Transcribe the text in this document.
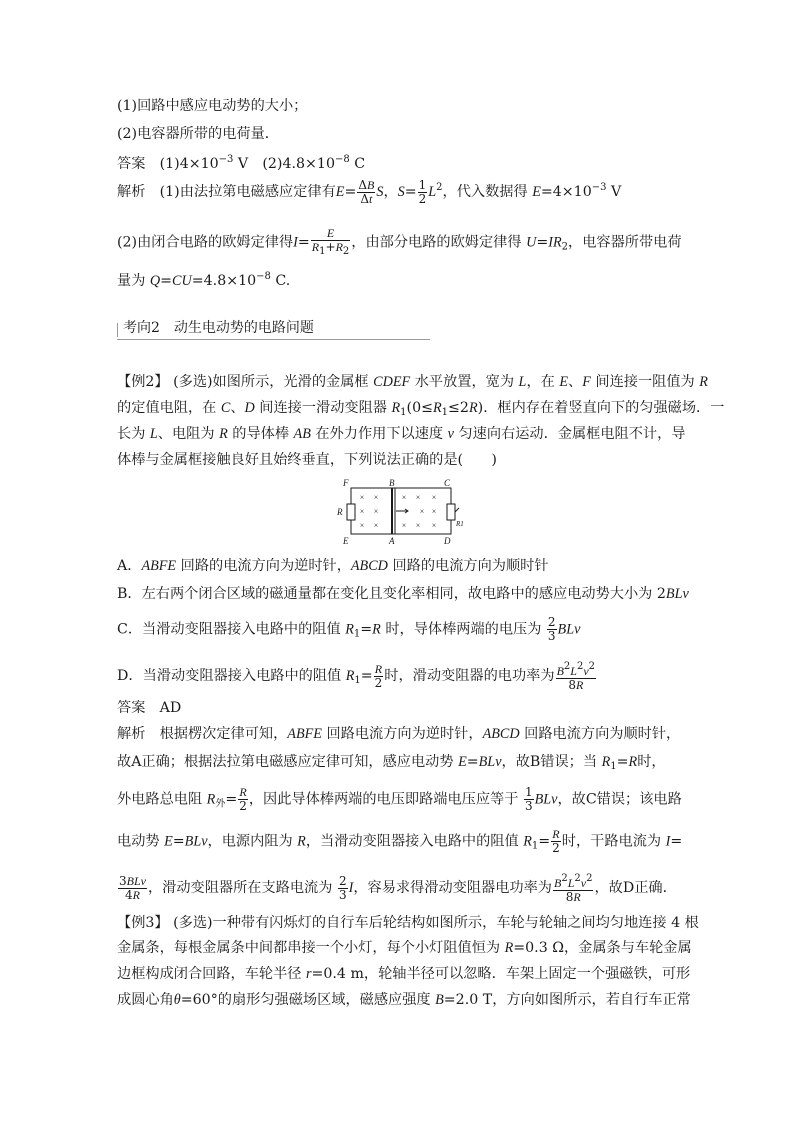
(1)回路中感应电动势的大小；
(2)电容器所带的电荷量．
答案　 $(1)4\times 10^{-3}$ V　$(2)4.8\times 10^{-8}$ C
解析　 (1)由法拉第电磁感应定律有$E= \frac{\Delta B}{\Delta t}$ S，$S= \frac{1}{2} L^2$，代入数据得 $E=4\times 10^{-3}$ V
(2)由闭合电路的欧姆定律得$I= \frac{E}{R_1+R_2}$ ，由部分电路的欧姆定律得 $U=IR_2$，电容器所带电荷
量为 $Q=CU=4.8\times 10^{-8}$ C.
考向2　动生电动势的电路问题
【例2】 (多选)如图所示，光滑的金属框 CDEF 水平放置，宽为 L，在 E、F 间连接一阻值为 R
的定值电阻，在 C、D 间连接一滑动变阻器 $R_1(0\le R_1\le 2R)$．框内存在着竖直向下的匀强磁场．一
长为 L、电阻为 R 的导体棒 AB 在外力作用下以速度 v 匀速向右运动．金属框电阻不计，导
体棒与金属框接触良好且始终垂直，下列说法正确的是(　　)
× ×	× × ×
× ×	× ×
× ×	× × ×
F	B	C
R
R1
E	A	D
A．ABFE 回路的电流方向为逆时针，ABCD 回路的电流方向为顺时针
B．左右两个闭合区域的磁通量都在变化且变化率相同，故电路中的感应电动势大小为 2BLv
C．当滑动变阻器接入电路中的阻值 $R_1=R$ 时，导体棒两端的电压为 $\frac{2}{3}$ BLv
D．当滑动变阻器接入电路中的阻值 $R_1= \frac{R}{2}$ 时，滑动变阻器的电功率为 $\frac{B^2L^2v^2}{8R}$
答案　 AD
解析　 根据楞次定律可知，ABFE 回路电流方向为逆时针，ABCD 回路电流方向为顺时针，
故A正确；根据法拉第电磁感应定律可知，感应电动势 E=BLv，故B错误；当 $R_1=R$时，
外电路总电阻 $R_外= \frac{R}{2}$ ，因此导体棒两端的电压即路端电压应等于 $\frac{1}{3}$ BLv，故C错误；该电路
电动势 E=BLv，电源内阻为 R，当滑动变阻器接入电路中的阻值 $R_1= \frac{R}{2}$ 时，干路电流为 I=
$\frac{\text{3BLv}}{4R}$ ，滑动变阻器所在支路电流为 $\frac{2}{3}$ I，容易求得滑动变阻器电功率为 $\frac{B^2L^2v^2}{8R}$ ，故D正确．
【例3】 (多选)一种带有闪烁灯的自行车后轮结构如图所示，车轮与轮轴之间均匀地连接 4 根
金属条，每根金属条中间都串接一个小灯，每个小灯阻值恒为 R=0.3 Ω，金属条与车轮金属
边框构成闭合回路，车轮半径 r=0.4 m，轮轴半径可以忽略．车架上固定一个强磁铁，可形
成圆心角θ=60°的扇形匀强磁场区域，磁感应强度 B=2.0 T，方向如图所示，若自行车正常
